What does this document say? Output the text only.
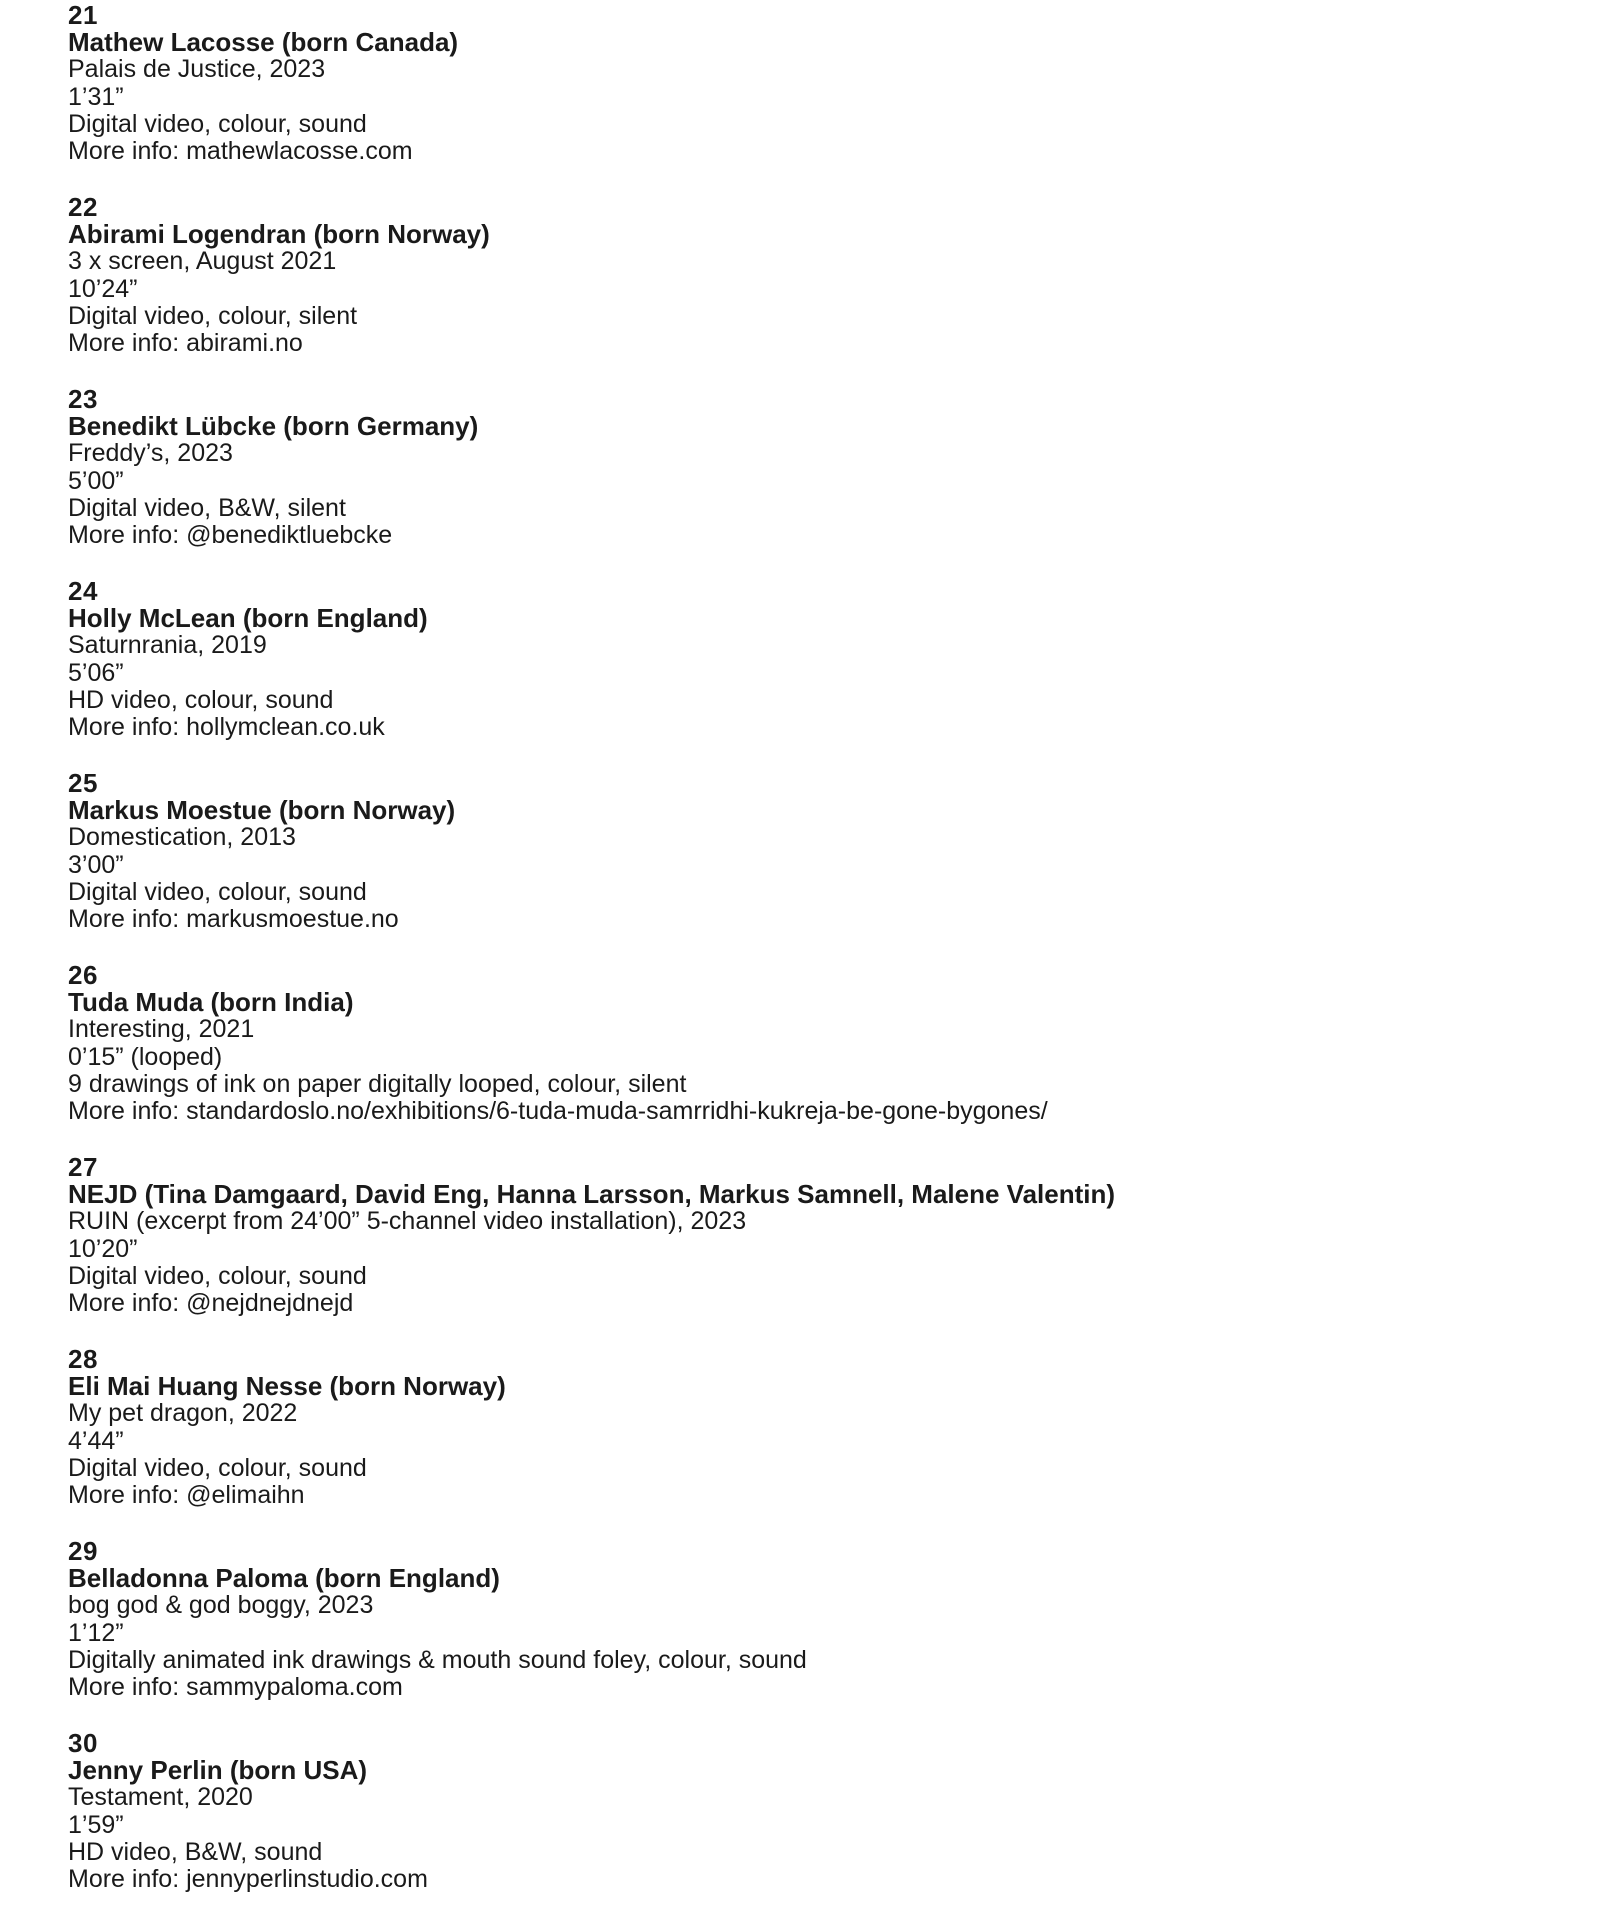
21
Mathew Lacosse (born Canada)
Palais de Justice, 2023
1’31”
Digital video, colour, sound
More info: mathewlacosse.com
22
Abirami Logendran (born Norway)
3 x screen, August 2021
10’24”
Digital video, colour, silent
More info: abirami.no
23
Benedikt Lübcke (born Germany)
Freddy’s, 2023
5’00”
Digital video, B&W, silent
More info: @benediktluebcke
24
Holly McLean (born England)
Saturnrania, 2019
5’06”
HD video, colour, sound
More info: hollymclean.co.uk
25
Markus Moestue (born Norway)
Domestication, 2013
3’00”
Digital video, colour, sound
More info: markusmoestue.no
26
Tuda Muda (born India)
Interesting, 2021
0’15” (looped)
9 drawings of ink on paper digitally looped, colour, silent
More info: standardoslo.no/exhibitions/6-tuda-muda-samrridhi-kukreja-be-gone-bygones/
27
NEJD (Tina Damgaard, David Eng, Hanna Larsson, Markus Samnell, Malene Valentin)
RUIN (excerpt from 24’00” 5-channel video installation), 2023
10’20”
Digital video, colour, sound
More info: @nejdnejdnejd
28
Eli Mai Huang Nesse (born Norway)
My pet dragon, 2022
4’44”
Digital video, colour, sound
More info: @elimaihn
29
Belladonna Paloma (born England)
bog god & god boggy, 2023
1’12”
Digitally animated ink drawings & mouth sound foley, colour, sound
More info: sammypaloma.com
30
Jenny Perlin (born USA)
Testament, 2020
1’59”
HD video, B&W, sound
More info: jennyperlinstudio.com
